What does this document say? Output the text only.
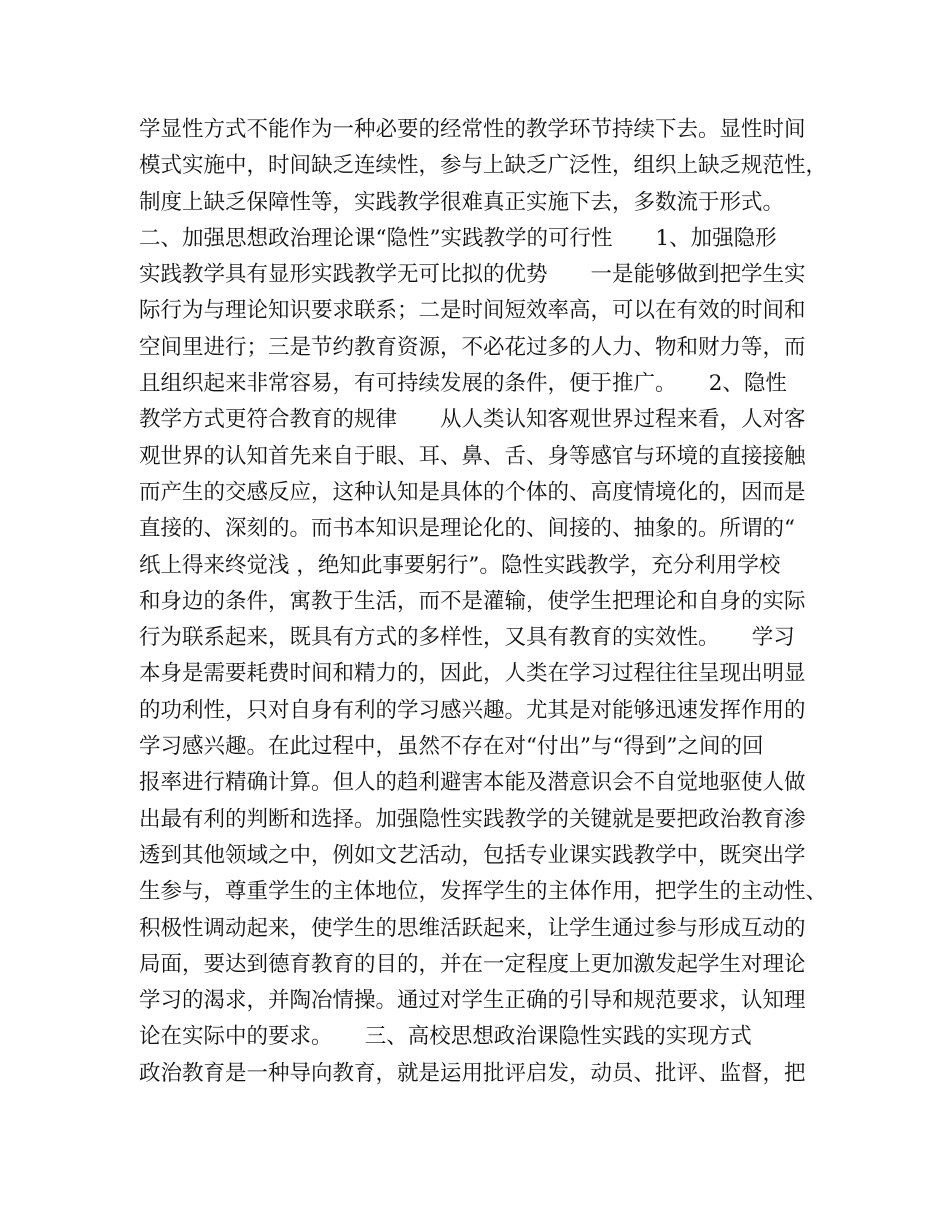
学显性方式不能作为一种必要的经常性的教学环节持续下去。显性时间
模式实施中，时间缺乏连续性，参与上缺乏广泛性，组织上缺乏规范性，
制度上缺乏保障性等，实践教学很难真正实施下去，多数流于形式。
二、加强思想政治理论课“隐性”实践教学的可行性　　1、加强隐形
实践教学具有显形实践教学无可比拟的优势　　一是能够做到把学生实
际行为与理论知识要求联系；二是时间短效率高，可以在有效的时间和
空间里进行；三是节约教育资源，不必花过多的人力、物和财力等，而
且组织起来非常容易，有可持续发展的条件，便于推广。　　2、隐性
教学方式更符合教育的规律　　从人类认知客观世界过程来看，人对客
观世界的认知首先来自于眼、耳、鼻、舌、身等感官与环境的直接接触
而产生的交感反应，这种认知是具体的个体的、高度情境化的，因而是
直接的、深刻的。而书本知识是理论化的、间接的、抽象的。所谓的“
纸上得来终觉浅 ，绝知此事要躬行”。隐性实践教学，充分利用学校
和身边的条件，寓教于生活，而不是灌输，使学生把理论和自身的实际
行为联系起来，既具有方式的多样性，又具有教育的实效性。　　学习
本身是需要耗费时间和精力的，因此，人类在学习过程往往呈现出明显
的功利性，只对自身有利的学习感兴趣。尤其是对能够迅速发挥作用的
学习感兴趣。在此过程中，虽然不存在对“付出”与“得到”之间的回
报率进行精确计算。但人的趋利避害本能及潜意识会不自觉地驱使人做
出最有利的判断和选择。加强隐性实践教学的关键就是要把政治教育渗
透到其他领域之中，例如文艺活动，包括专业课实践教学中，既突出学
生参与，尊重学生的主体地位，发挥学生的主体作用，把学生的主动性、
积极性调动起来，使学生的思维活跃起来，让学生通过参与形成互动的
局面，要达到德育教育的目的，并在一定程度上更加激发起学生对理论
学习的渴求，并陶冶情操。通过对学生正确的引导和规范要求，认知理
论在实际中的要求。　　三、高校思想政治课隐性实践的实现方式
政治教育是一种导向教育，就是运用批评启发，动员、批评、监督，把
